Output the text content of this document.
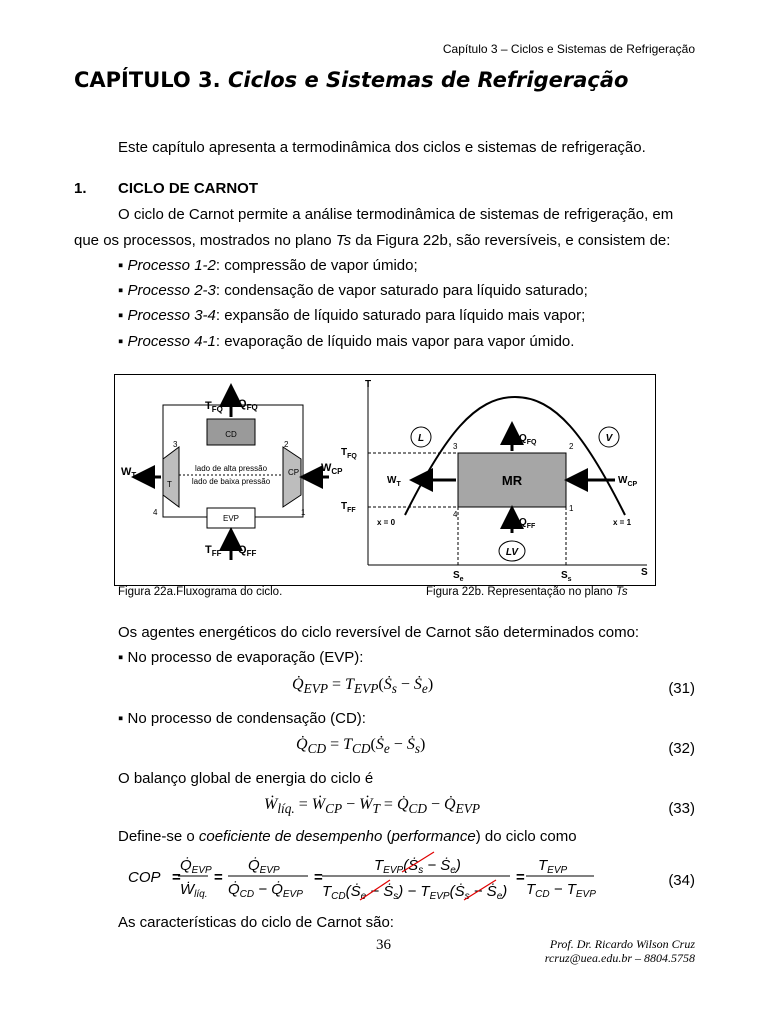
Capítulo 3 – Ciclos e Sistemas de Refrigeração
CAPÍTULO 3. Ciclos e Sistemas de Refrigeração
Este capítulo apresenta a termodinâmica dos ciclos e sistemas de refrigeração.
1. CICLO DE CARNOT
O ciclo de Carnot permite a análise termodinâmica de sistemas de refrigeração, em
que os processos, mostrados no plano Ts da Figura 22b, são reversíveis, e consistem de:
▪ Processo 1-2: compressão de vapor úmido;
▪ Processo 2-3: condensação de vapor saturado para líquido saturado;
▪ Processo 3-4: expansão de líquido saturado para líquido mais vapor;
▪ Processo 4-1: evaporação de líquido mais vapor para vapor úmido.
CD
EVP
CP
T
lado de alta pressão
lado de baixa pressão
3	2
4	1
$T_{FQ}$ $Q_{FQ}$
$T_{FF}$ $Q_{FF}$
$W_T$
$W_{CP}$
T
S
MR
$T_{FQ}$
$T_{FF}$
3	2
4
1
L	V
LV
x = 0	x = 1
$S_e$	$S_s$
$Q_{FQ}$
$Q_{FF}$
$W_T$	$W_{CP}$
Figura 22a.Fluxograma do ciclo.	Figura 22b. Representação no plano Ts
Os agentes energéticos do ciclo reversível de Carnot são determinados como:
▪ No processo de evaporação (EVP):
$Q̇_{EVP}$ = $T_{EVP}(Ṡ_s$ − Ṡ$_e$)	(31)
▪ No processo de condensação (CD):
$Q̇_{CD}$ = $T_{CD}(Ṡ_e$ − Ṡ$_s$)	(32)
O balanço global de energia do ciclo é
Ẇ$_{líq.}$ = Ẇ$_{CP}$ − Ẇ$_T$ = $Q̇_{CD}$ − $Q̇_{EVP}$	(33)
Define-se o coeficiente de desempenho (performance) do ciclo como
COP =
$Q̇_{EVP}$
Ẇ$_{líq.}$
=
$Q̇_{EVP}$
$Q̇_{CD}$ − $Q̇_{EVP}$
=
$T_{EVP}(Ṡ_s$ − Ṡ$_e$)
$T_{CD}(Ṡ_e$ − Ṡ$_s$) − $T_{EVP}(Ṡ_s$ − Ṡ$_e$)
=
$T_{EVP}$
$T_{CD} - T_{EVP}$
(34)
As características do ciclo de Carnot são:
36	Prof. Dr. Ricardo Wilson Cruz
rcruz@uea.edu.br – 8804.5758
